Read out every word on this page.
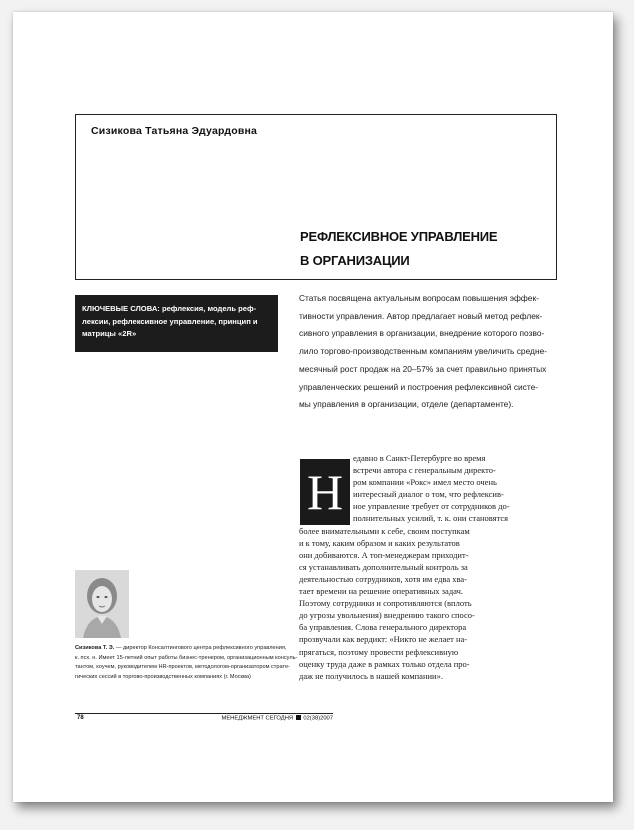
Сизикова Татьяна Эдуардовна
РЕФЛЕКСИВНОЕ УПРАВЛЕНИЕ
В ОРГАНИЗАЦИИ
КЛЮЧЕВЫЕ СЛОВА: рефлексия, модель реф-
лексии, рефлексивное управление, принцип и
матрицы «2R»
Статья посвящена актуальным вопросам повышения эффек-
тивности управления. Автор предлагает новый метод рефлек-
сивного управления в организации, внедрение которого позво-
лило торгово-производственным компаниям увеличить средне-
месячный рост продаж на 20–57% за счет правильно принятых
управленческих решений и построения рефлексивной систе-
мы управления в организации, отделе (департаменте).
Н

едавно в Санкт-Петербурге во время

встречи автора с генеральным директо-

ром компании «Рокс» имел место очень

интересный диалог о том, что рефлексив-

ное управление требует от сотрудников до-

полнительных усилий, т. к. они становятся

более внимательными к себе, своим поступкам

и к тому, каким образом и каких результатов

они добиваются. А топ-менеджерам приходит-

ся устанавливать дополнительный контроль за

деятельностью сотрудников, хотя им едва хва-

тает времени на решение оперативных задач.

Поэтому сотрудники и сопротивляются (вплоть

до угрозы увольнения) внедрению такого спосо-

ба управления. Слова генерального директора

прозвучали как вердикт: «Никто не желает на-

прягаться, поэтому провести рефлексивную

оценку труда даже в рамках только отдела про-

даж не получилось в нашей компании».

Сизикова Т. Э. — директор Консалтингового центра рефлексивного управления,
к. псх. н. Имеет 15-летний опыт работы бизнес-тренером, организационным консуль-
тантом, коучем, руководителем HR-проектов, методологом-организатором страте-
гических сессий в торгово-производственных компаниях (г. Москва)
78	МЕНЕДЖМЕНТ СЕГОДНЯ 02(38)2007
